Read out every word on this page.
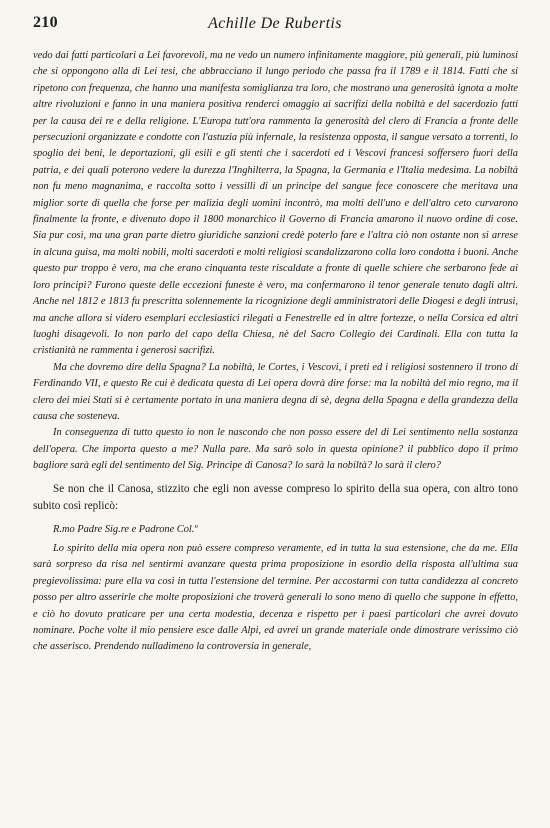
210	Achille De Rubertis

vedo dai fatti particolari a Lei favorevoli, ma ne vedo un numero infinitamente maggiore, più generali, più luminosi che si oppongono alla di Lei tesi, che abbracciano il lungo periodo che passa fra il 1789 e il 1814. Fatti che si ripetono con frequenza, che hanno una manifesta somiglianza tra loro, che mostrano una generosità ignota a molte altre rivoluzioni e fanno in una maniera positiva renderci omaggio ai sacrifizi della nobiltà e del sacerdozio fatti per la causa dei re e della religione. L'Europa tutt'ora rammenta la generosità del clero di Francia a fronte delle persecuzioni organizzate e condotte con l'astuzia più infernale, la resistenza opposta, il sangue versato a torrenti, lo spoglio dei beni, le deportazioni, gli esili e gli stenti che i sacerdoti ed i Vescovi francesi soffersero fuori della patria, e dei quali poterono vedere la durezza l'Inghilterra, la Spagna, la Germania e l'Italia medesima. La nobiltà non fu meno magnanima, e raccolta sotto i vessilli di un principe del sangue fece conoscere che meritava una miglior sorte di quella che forse per malizia degli uomini incontrò, ma molti dell'uno e dell'altro ceto curvarono finalmente la fronte, e divenuto dopo il 1800 monarchico il Governo di Francia amarono il nuovo ordine di cose. Sia pur così, ma una gran parte dietro giuridiche sanzioni credè poterlo fare e l'altra ciò non ostante non si arrese in alcuna guisa, ma molti nobili, molti sacerdoti e molti religiosi scandalizzarono colla loro condotta i buoni. Anche questo pur troppo è vero, ma che erano cinquanta teste riscaldate a fronte di quelle schiere che serbarono fede ai loro principi? Furono queste delle eccezioni funeste è vero, ma confermarono il tenor generale tenuto dagli altri. Anche nel 1812 e 1813 fu prescritta solennemente la ricognizione degli amministratori delle Diogesi e degli intrusi, ma anche allora si videro esemplari ecclesiastici rilegati a Fenestrelle ed in altre fortezze, o nella Corsica ed altri luoghi disagevoli. Io non parlo del capo della Chiesa, nè del Sacro Collegio dei Cardinali. Ella con tutta la cristianità ne rammenta i generosi sacrifizi.

Ma che dovremo dire della Spagna? La nobiltà, le Cortes, i Vescovi, i preti ed i religiosi sostennero il trono di Ferdinando VII, e questo Re cui è dedicata questa di Lei opera dovrà dire forse: ma la nobiltà del mio regno, ma il clero dei miei Stati si è certamente portato in una maniera degna di sè, degna della Spagna e della grandezza della causa che sosteneva.

In conseguenza di tutto questo io non le nascondo che non posso essere del di Lei sentimento nella sostanza dell'opera. Che importa questo a me? Nulla pare. Ma sarò solo in questa opinione? il pubblico dopo il primo bagliore sarà egli del sentimento del Sig. Principe di Canosa? lo sarà la nobiltà? lo sarà il clero?

Se non che il Canosa, stizzito che egli non avesse compreso lo spirito della sua opera, con altro tono subito così replicò:

R.mo Padre Sig.re e Padrone Col.º

Lo spirito della mia opera non può essere compreso veramente, ed in tutta la sua estensione, che da me. Ella sarà sorpreso da risa nel sentirmi avanzare questa prima proposizione in esordio della risposta all'ultima sua pregievolissima: pure ella va così in tutta l'estensione del termine. Per accostarmi con tutta candidezza al concreto posso per altro asserirle che molte proposizioni che troverà generali lo sono meno di quello che suppone in effetto, e ciò ho dovuto praticare per una certa modestia, decenza e rispetto per i paesi particolari che avrei dovuto nominare. Poche volte il mio pensiere esce dalle Alpi, ed avrei un grande materiale onde dimostrare verissimo ciò che asserisco. Prendendo nulladimeno la controversia in generale,
